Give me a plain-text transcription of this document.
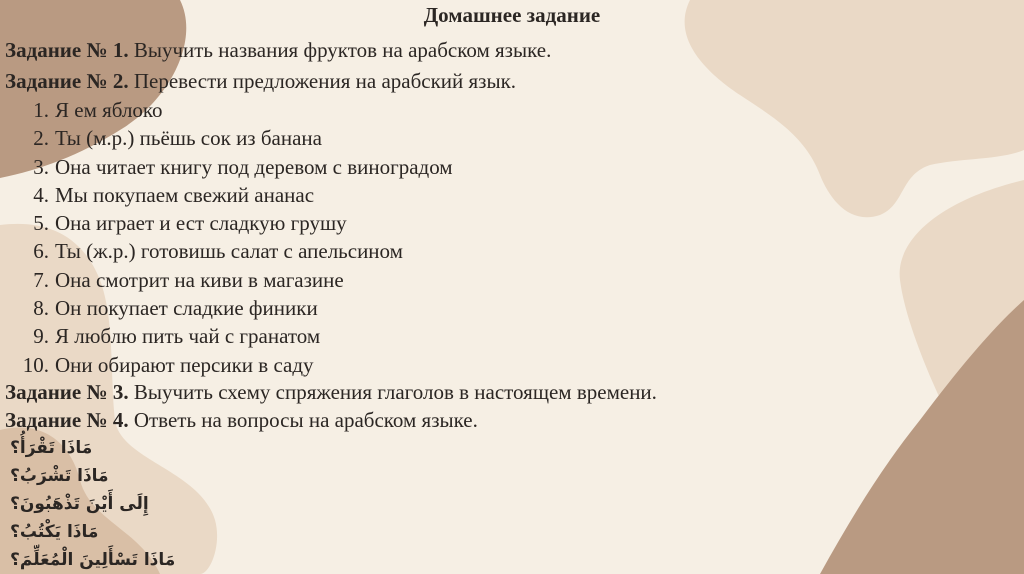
Домашнее задание
Задание № 1. Выучить названия фруктов на арабском языке.
Задание № 2. Перевести предложения на арабский язык.
1. Я ем яблоко
2. Ты (м.р.) пьёшь сок из банана
3. Она читает книгу под деревом с виноградом
4. Мы покупаем свежий ананас
5. Она играет и ест сладкую грушу
6. Ты (ж.р.) готовишь салат с апельсином
7. Она смотрит на киви в магазине
8. Он покупает сладкие финики
9. Я люблю пить чай с гранатом
10. Они обирают персики в саду
Задание № 3. Выучить схему спряжения глаголов в настоящем времени.
Задание № 4. Ответь на вопросы на арабском языке.
مَاذَا تَقْرَأُ؟
مَاذَا تَشْرَبُ؟
إِلَى أَيْنَ تَذْهَبُونَ؟
مَاذَا يَكْتُبُ؟
مَاذَا تَسْأَلِينَ الْمُعَلِّمَ؟
